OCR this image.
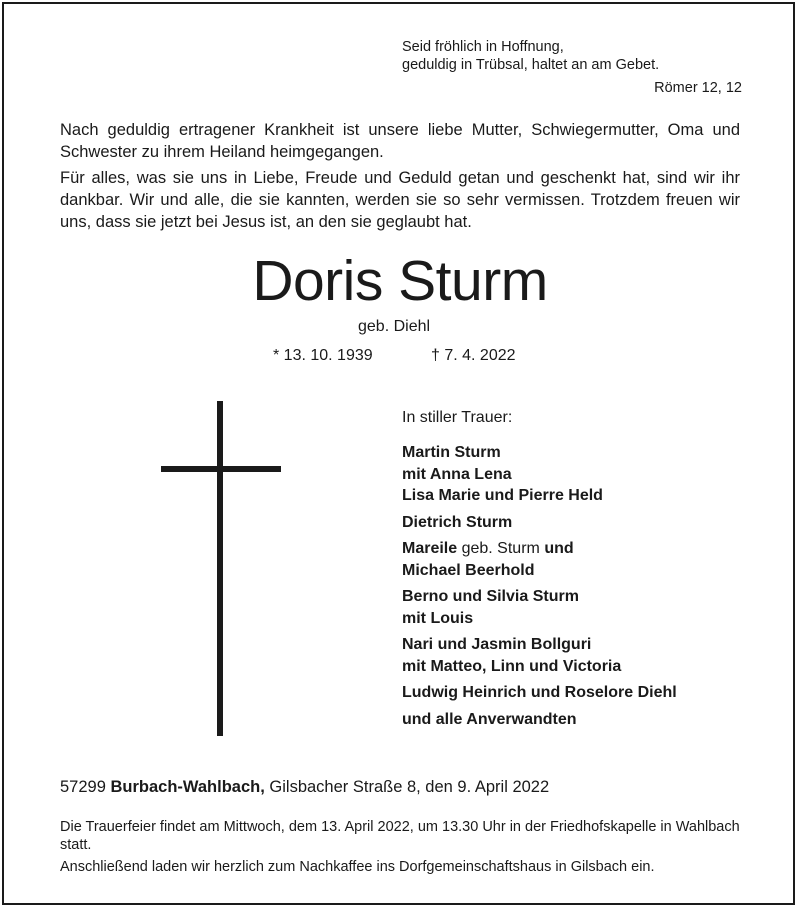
Seid fröhlich in Hoffnung,
geduldig in Trübsal, haltet an am Gebet.
Römer 12, 12

Nach geduldig ertragener Krankheit ist unsere liebe Mutter, Schwiegermutter, Oma und Schwester zu ihrem Heiland heimgegangen.

Für alles, was sie uns in Liebe, Freude und Geduld getan und geschenkt hat, sind wir ihr dankbar. Wir und alle, die sie kannten, werden sie so sehr vermissen. Trotzdem freuen wir uns, dass sie jetzt bei Jesus ist, an den sie geglaubt hat.

Doris Sturm
geb. Diehl
* 13. 10. 1939	† 7. 4. 2022
In stiller Trauer:
Martin Sturm
mit Anna Lena
Lisa Marie und Pierre Held
Dietrich Sturm
Mareile geb. Sturm und
Michael Beerhold
Berno und Silvia Sturm
mit Louis
Nari und Jasmin Bollguri
mit Matteo, Linn und Victoria
Ludwig Heinrich und Roselore Diehl
und alle Anverwandten
57299 Burbach-Wahlbach, Gilsbacher Straße 8, den 9. April 2022

Die Trauerfeier findet am Mittwoch, dem 13. April 2022, um 13.30 Uhr in der Friedhofskapelle in Wahlbach statt.

Anschließend laden wir herzlich zum Nachkaffee ins Dorfgemeinschaftshaus in Gilsbach ein.
